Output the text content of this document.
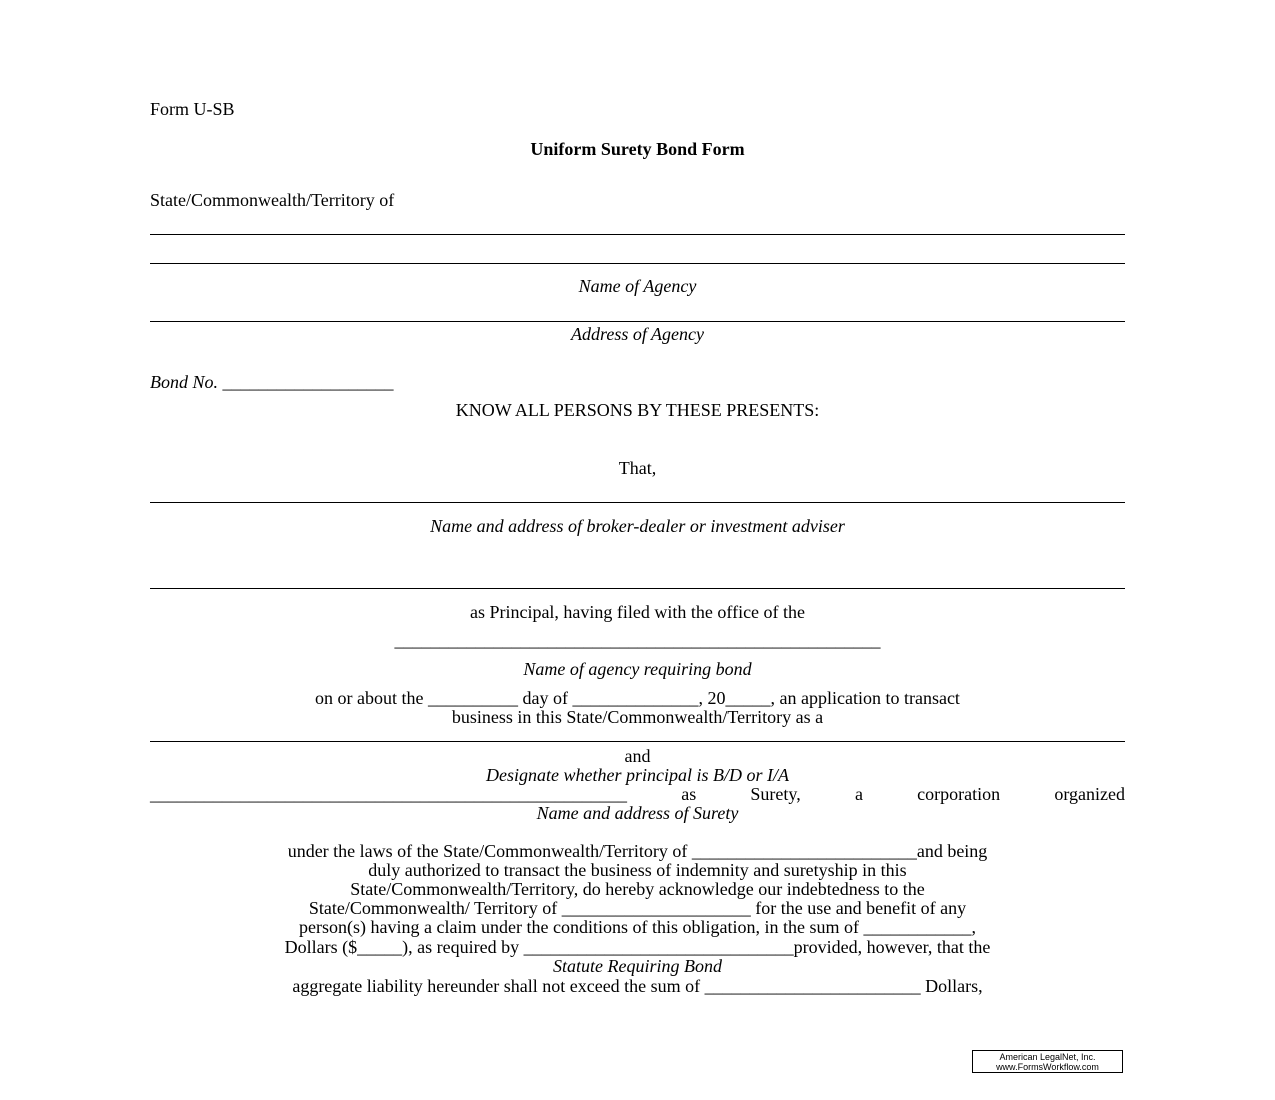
Form U-SB
Uniform Surety Bond Form
State/Commonwealth/Territory of
Name of Agency
Address of Agency
Bond No. ___________________
KNOW ALL PERSONS BY THESE PRESENTS:
That,
Name and address of broker-dealer or investment adviser
as Principal, having filed with the office of the
______________________________________________________
Name of agency requiring bond
on or about the __________ day of ______________, 20_____, an application to transact
business in this State/Commonwealth/Territory as a
and
Designate whether principal is B/D or I/A
_____________________________________________________ as Surety, a corporation organized
Name and address of Surety
under the laws of the State/Commonwealth/Territory of _________________________and being
duly authorized to transact the business of indemnity and suretyship in this
State/Commonwealth/Territory, do hereby acknowledge our indebtedness to the
State/Commonwealth/ Territory of _____________________ for the use and benefit of any
person(s) having a claim under the conditions of this obligation, in the sum of ____________,
Dollars ($_____), as required by ______________________________provided, however, that the
Statute Requiring Bond
aggregate liability hereunder shall not exceed the sum of ________________________ Dollars,
American LegalNet, Inc.
www.FormsWorkflow.com
